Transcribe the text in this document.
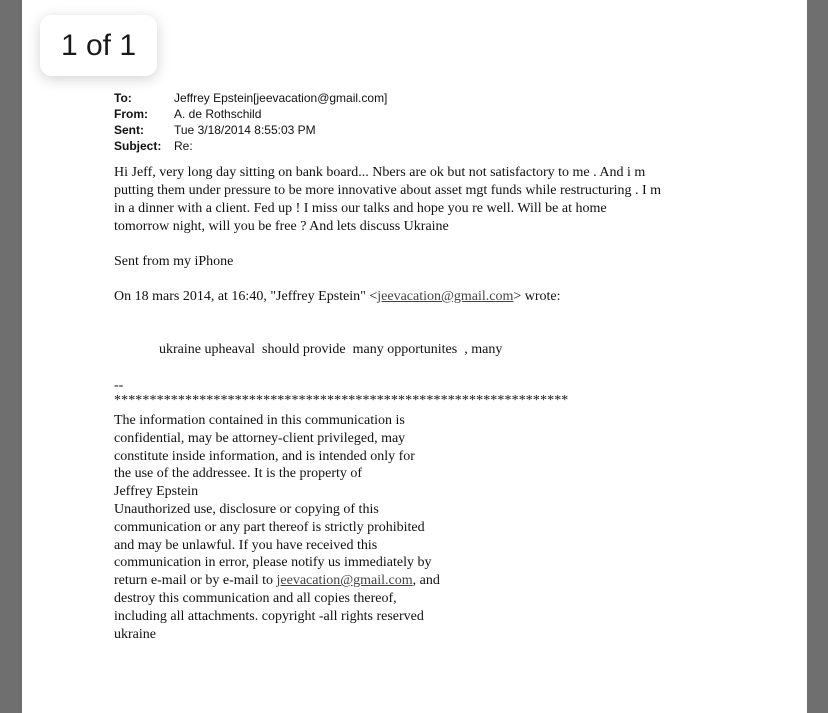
1 of 1
To:	Jeffrey Epstein[jeevacation@gmail.com]
From:	A. de Rothschild
Sent:	Tue 3/18/2014 8:55:03 PM
Subject:	Re:

Hi Jeff, very long day sitting on bank board... Nbers are ok but not satisfactory to me . And i m

putting them under pressure to be more innovative about asset mgt funds while restructuring . I m

in a dinner with a client. Fed up ! I miss our talks and hope you re well. Will be at home

tomorrow night, will you be free ? And lets discuss Ukraine

Sent from my iPhone
On 18 mars 2014, at 16:40, "Jeffrey Epstein" <jeevacation@gmail.com> wrote:
ukraine upheaval  should provide  many opportunites  , many
--
****************************************************************
The information contained in this communication is
confidential, may be attorney-client privileged, may
constitute inside information, and is intended only for
the use of the addressee. It is the property of
Jeffrey Epstein
Unauthorized use, disclosure or copying of this
communication or any part thereof is strictly prohibited
and may be unlawful. If you have received this
communication in error, please notify us immediately by
return e-mail or by e-mail to jeevacation@gmail.com, and
destroy this communication and all copies thereof,
including all attachments. copyright -all rights reserved
ukraine
